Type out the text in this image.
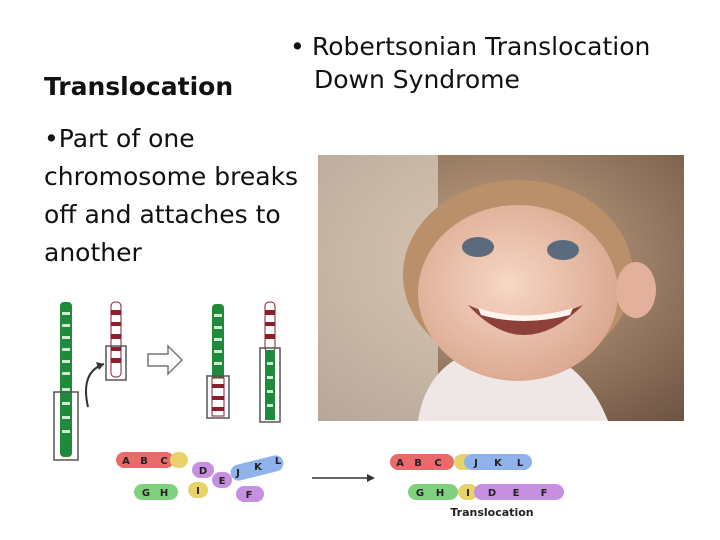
Translocation
• Robertsonian Translocation
Down Syndrome
•Part of one chromosome breaks off and attaches to another
A B C
D
E
J
K
L
G H	I	F
A B C	J K L
G H I D E F
Translocation
